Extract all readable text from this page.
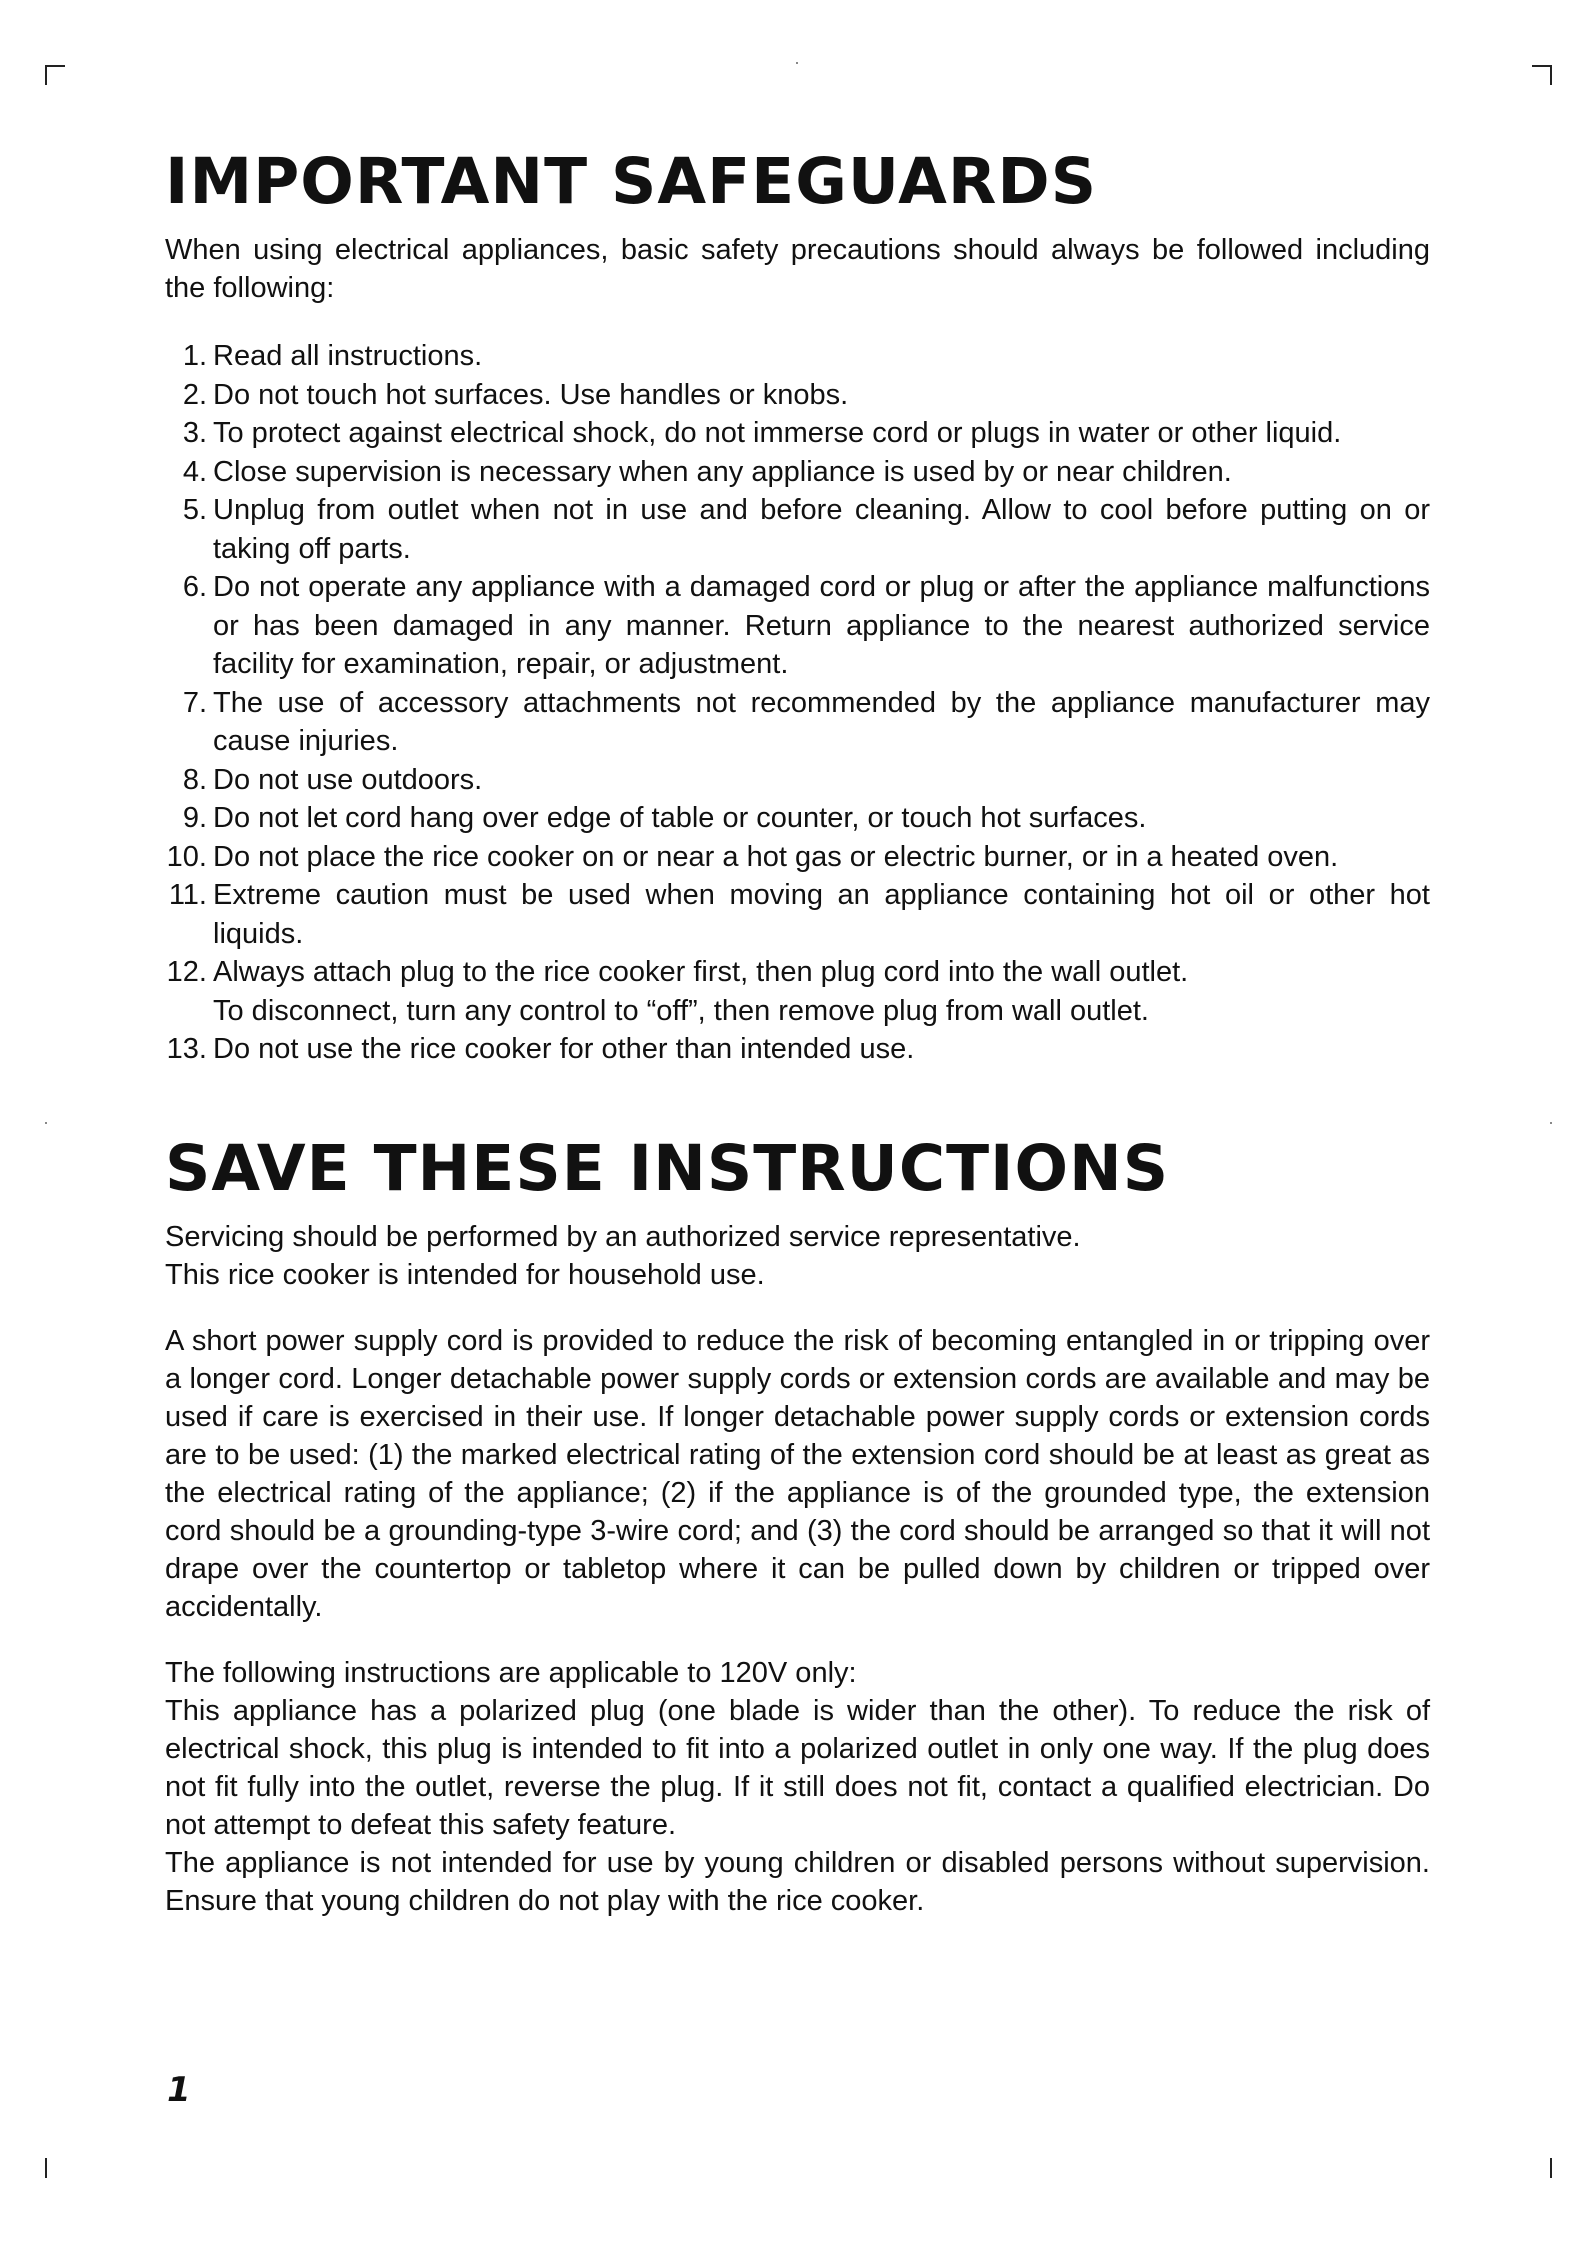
IMPORTANT SAFEGUARDS

When using electrical appliances, basic safety precautions should always be followed including the following:

1. Read all instructions.
2. Do not touch hot surfaces. Use handles or knobs.
3. To protect against electrical shock, do not immerse cord or plugs in water or other liquid.
4. Close supervision is necessary when any appliance is used by or near children.
5. Unplug from outlet when not in use and before cleaning. Allow to cool before putting on or taking off parts.
6. Do not operate any appliance with a damaged cord or plug or after the appliance malfunctions or has been damaged in any manner. Return appliance to the nearest authorized service facility for examination, repair, or adjustment.
7. The use of accessory attachments not recommended by the appliance manufacturer may cause injuries.
8. Do not use outdoors.
9. Do not let cord hang over edge of table or counter, or touch hot surfaces.
10. Do not place the rice cooker on or near a hot gas or electric burner, or in a heated oven.
11. Extreme caution must be used when moving an appliance containing hot oil or other hot liquids.
12. Always attach plug to the rice cooker first, then plug cord into the wall outlet.
To disconnect, turn any control to “off”, then remove plug from wall outlet.
13. Do not use the rice cooker for other than intended use.
SAVE THESE INSTRUCTIONS

Servicing should be performed by an authorized service representative.

This rice cooker is intended for household use.

A short power supply cord is provided to reduce the risk of becoming entangled in or tripping over a longer cord. Longer detachable power supply cords or extension cords are available and may be used if care is exercised in their use. If longer detachable power supply cords or extension cords are to be used: (1) the marked electrical rating of the extension cord should be at least as great as the electrical rating of the appliance; (2) if the appliance is of the grounded type, the extension cord should be a grounding-type 3-wire cord; and (3) the cord should be arranged so that it will not drape over the countertop or tabletop where it can be pulled down by children or tripped over accidentally.

The following instructions are applicable to 120V only:

This appliance has a polarized plug (one blade is wider than the other). To reduce the risk of electrical shock, this plug is intended to fit into a polarized outlet in only one way. If the plug does not fit fully into the outlet, reverse the plug. If it still does not fit, contact a qualified electrician. Do not attempt to defeat this safety feature.

The appliance is not intended for use by young children or disabled persons without supervision. Ensure that young children do not play with the rice cooker.

1
